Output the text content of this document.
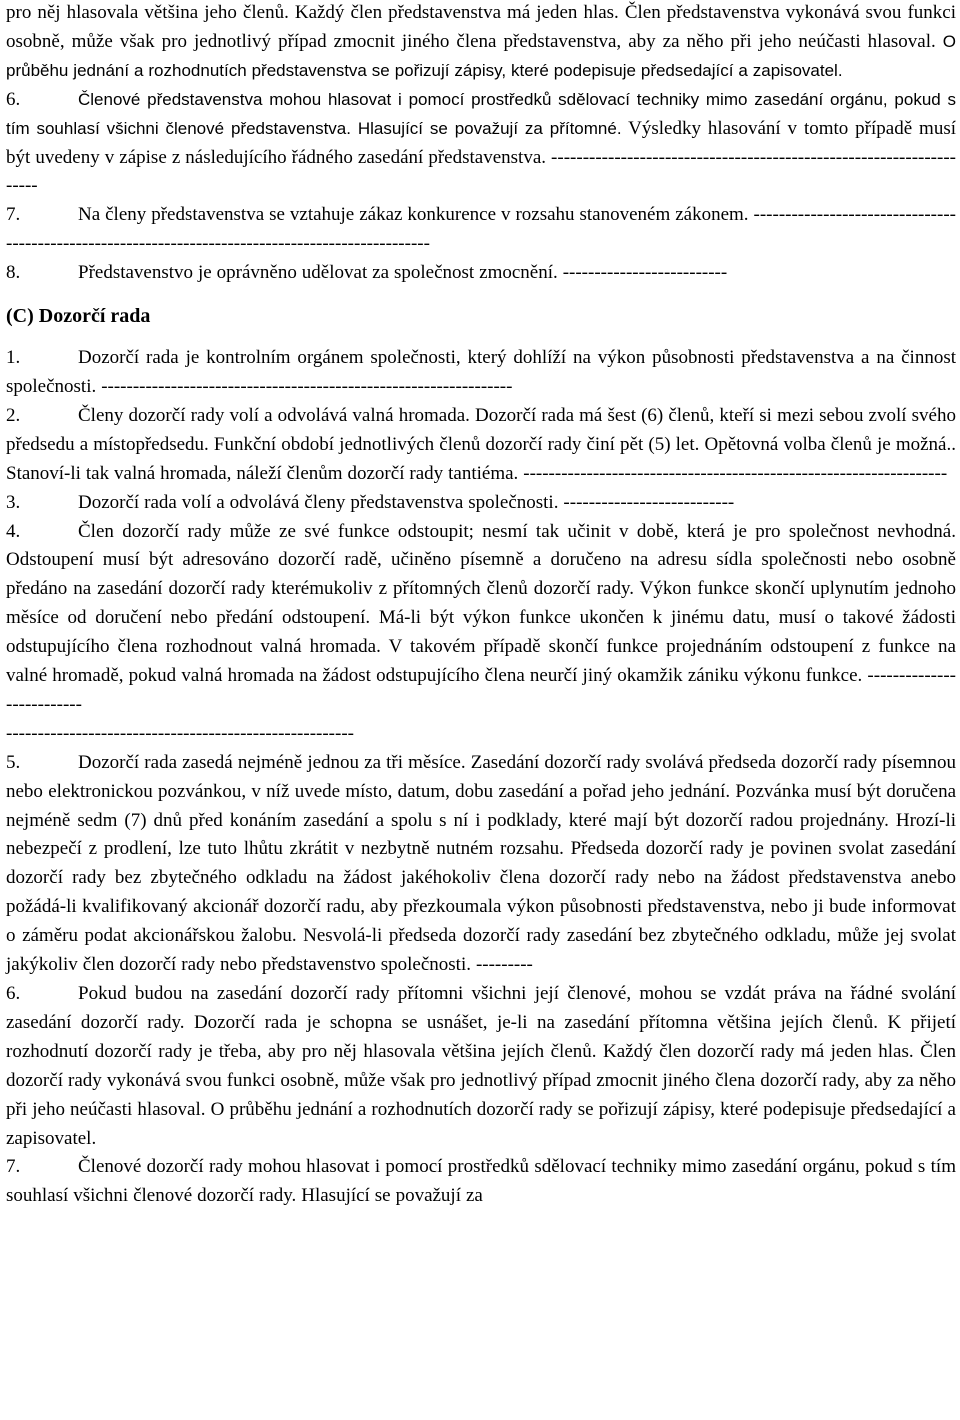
pro něj hlasovala většina jeho členů. Každý člen představenstva má jeden hlas. Člen představenstva vykonává svou funkci osobně, může však pro jednotlivý případ zmocnit jiného člena představenstva, aby za něho při jeho neúčasti hlasoval. O průběhu jednání a rozhodnutích představenstva se pořizují zápisy, které podepisuje předsedající a zapisovatel.

6.	Členové představenstva mohou hlasovat i pomocí prostředků sdělovací techniky mimo zasedání orgánu, pokud s tím souhlasí všichni členové představenstva. Hlasující se považují za přítomné. Výsledky hlasování v tomto případě musí být uvedeny v zápise z následujícího řádného zasedání představenstva. ---------------------------------------------------------------------

7.	Na členy představenstva se vztahuje zákaz konkurence v rozsahu stanoveném zákonem. ---------------------------------------------------------------------------------------------------

8.	Představenstvo je oprávněno udělovat za společnost zmocnění. --------------------------

(C) Dozorčí rada

1.	Dozorčí rada je kontrolním orgánem společnosti, který dohlíží na výkon působnosti představenstva a na činnost společnosti. -----------------------------------------------------------------

2.	Členy dozorčí rady volí a odvolává valná hromada. Dozorčí rada má šest (6) členů, kteří si mezi sebou zvolí svého předsedu a místopředsedu. Funkční období jednotlivých členů dozorčí rady činí pět (5) let. Opětovná volba členů je možná.. Stanoví-li tak valná hromada, náleží členům dozorčí rady tantiéma. -------------------------------------------------------------------

3.	Dozorčí rada volí a odvolává členy představenstva společnosti. ---------------------------

4.	Člen dozorčí rady může ze své funkce odstoupit; nesmí tak učinit v době, která je pro společnost nevhodná. Odstoupení musí být adresováno dozorčí radě, učiněno písemně a doručeno na adresu sídla společnosti nebo osobně předáno na zasedání dozorčí rady kterémukoliv z přítomných členů dozorčí rady. Výkon funkce skončí uplynutím jednoho měsíce od doručení nebo předání odstoupení. Má-li být výkon funkce ukončen k jinému datu, musí o takové žádosti odstupujícího člena rozhodnout valná hromada. V takovém případě skončí funkce projednáním odstoupení z funkce na valné hromadě, pokud valná hromada na žádost odstupujícího člena neurčí jiný okamžik zániku výkonu funkce. --------------------------

-------------------------------------------------------

5.	Dozorčí rada zasedá nejméně jednou za tři měsíce. Zasedání dozorčí rady svolává předseda dozorčí rady písemnou nebo elektronickou pozvánkou, v níž uvede místo, datum, dobu zasedání a pořad jeho jednání. Pozvánka musí být doručena nejméně sedm (7) dnů před konáním zasedání a spolu s ní i podklady, které mají být dozorčí radou projednány. Hrozí-li nebezpečí z prodlení, lze tuto lhůtu zkrátit v nezbytně nutném rozsahu. Předseda dozorčí rady je povinen svolat zasedání dozorčí rady bez zbytečného odkladu na žádost jakéhokoliv člena dozorčí rady nebo na žádost představenstva anebo požádá-li kvalifikovaný akcionář dozorčí radu, aby přezkoumala výkon působnosti představenstva, nebo ji bude informovat o záměru podat akcionářskou žalobu. Nesvolá-li předseda dozorčí rady zasedání bez zbytečného odkladu, může jej svolat jakýkoliv člen dozorčí rady nebo představenstvo společnosti. ---------

6.	Pokud budou na zasedání dozorčí rady přítomni všichni její členové, mohou se vzdát práva na řádné svolání zasedání dozorčí rady. Dozorčí rada je schopna se usnášet, je-li na zasedání přítomna většina jejích členů. K přijetí rozhodnutí dozorčí rady je třeba, aby pro něj hlasovala většina jejích členů. Každý člen dozorčí rady má jeden hlas. Člen dozorčí rady vykonává svou funkci osobně, může však pro jednotlivý případ zmocnit jiného člena dozorčí rady, aby za něho při jeho neúčasti hlasoval. O průběhu jednání a rozhodnutích dozorčí rady se pořizují zápisy, které podepisuje předsedající a zapisovatel.

7.	Členové dozorčí rady mohou hlasovat i pomocí prostředků sdělovací techniky mimo zasedání orgánu, pokud s tím souhlasí všichni členové dozorčí rady. Hlasující se považují za
